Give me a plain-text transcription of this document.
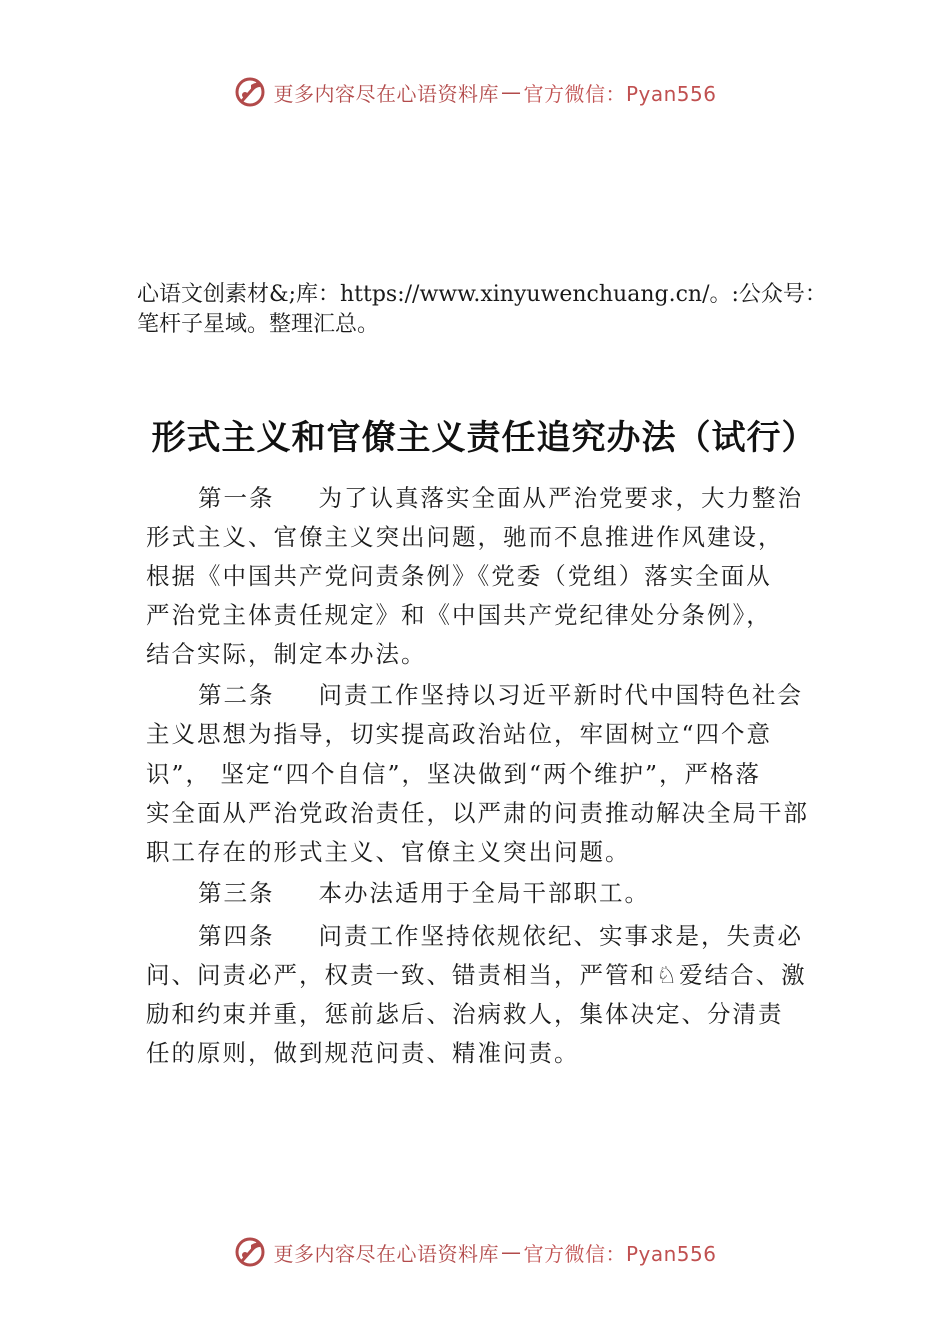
更多内容尽在心语资料库 — 官方微信：Pyan556
心语文创素材&;库：https://www.xinyuwenchuang.cn/。:公众号：笔杆子星域。整理汇总。
形式主义和官僚主义责任追究办法（试行）
第一条 为了认真落实全面从严治党要求，大力整治
形式主义、官僚主义突出问题，驰而不息推进作风建设，
根据《中国共产党问责条例》《党委（党组）落实全面从
严治党主体责任规定》和《中国共产党纪律处分条例》，
结合实际，制定本办法。
第二条 问责工作坚持以习近平新时代中国特色社会
主义思想为指导，切实提高政治站位，牢固树立“四个意
识”， 坚定“四个自信”，坚决做到“两个维护”，严格落
实全面从严治党政治责任，以严肃的问责推动解决全局干部
职工存在的形式主义、官僚主义突出问题。
第三条 本办法适用于全局干部职工。
第四条 问责工作坚持依规依纪、实事求是，失责必
问、问责必严，权责一致、错责相当，严管和♘爱结合、激
励和约束并重，惩前毖后、治病救人，集体决定、分清责
任的原则，做到规范问责、精准问责。
更多内容尽在心语资料库 — 官方微信：Pyan556
